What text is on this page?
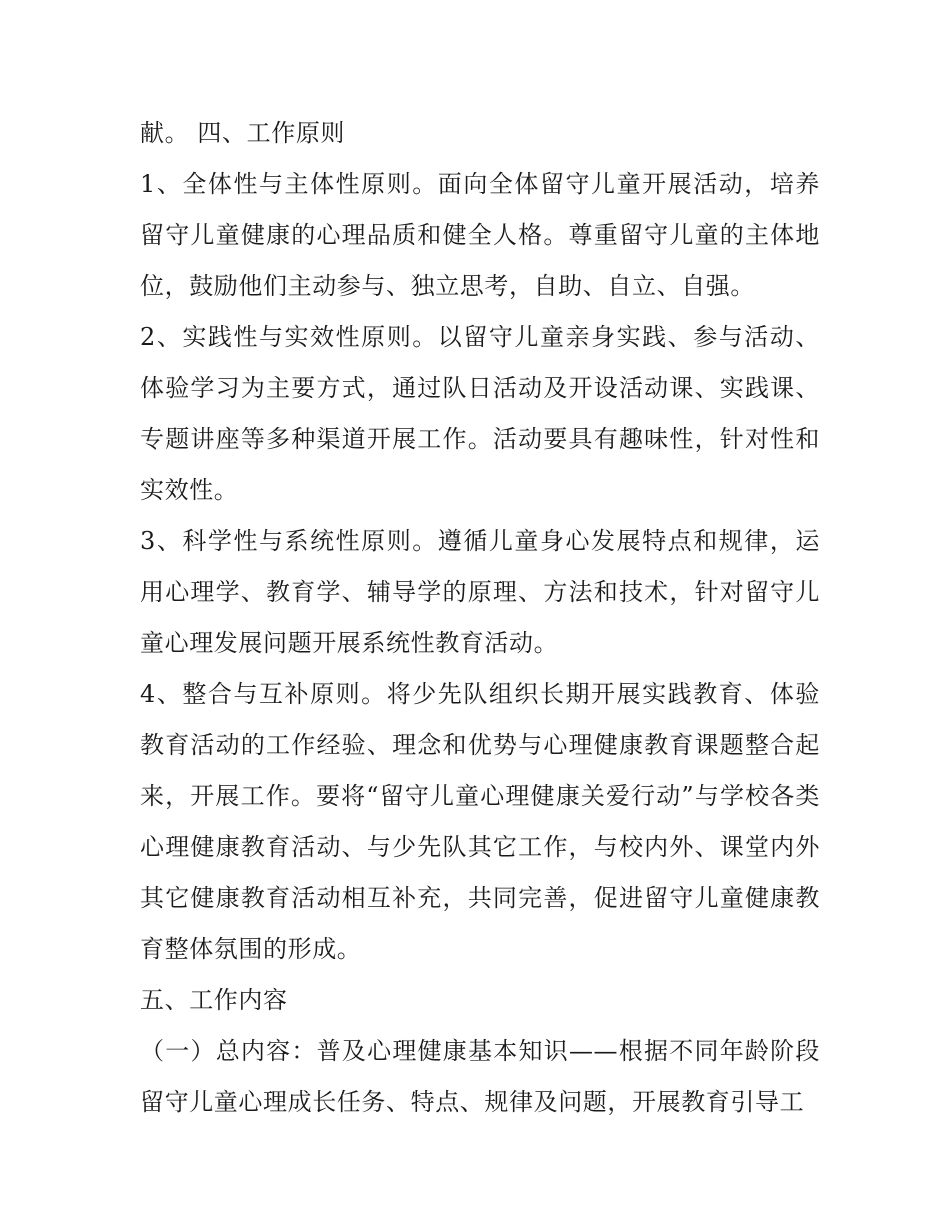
献。 四、工作原则

1、全体性与主体性原则。面向全体留守儿童开展活动，培养留守儿童健康的心理品质和健全人格。尊重留守儿童的主体地位，鼓励他们主动参与、独立思考，自助、自立、自强。

2、实践性与实效性原则。以留守儿童亲身实践、参与活动、体验学习为主要方式，通过队日活动及开设活动课、实践课、专题讲座等多种渠道开展工作。活动要具有趣味性，针对性和实效性。

3、科学性与系统性原则。遵循儿童身心发展特点和规律，运用心理学、教育学、辅导学的原理、方法和技术，针对留守儿童心理发展问题开展系统性教育活动。

4、整合与互补原则。将少先队组织长期开展实践教育、体验教育活动的工作经验、理念和优势与心理健康教育课题整合起来，开展工作。要将“留守儿童心理健康关爱行动”与学校各类心理健康教育活动、与少先队其它工作，与校内外、课堂内外其它健康教育活动相互补充，共同完善，促进留守儿童健康教育整体氛围的形成。

五、工作内容

（一）总内容：普及心理健康基本知识——根据不同年龄阶段留守儿童心理成长任务、特点、规律及问题，开展教育引导工
